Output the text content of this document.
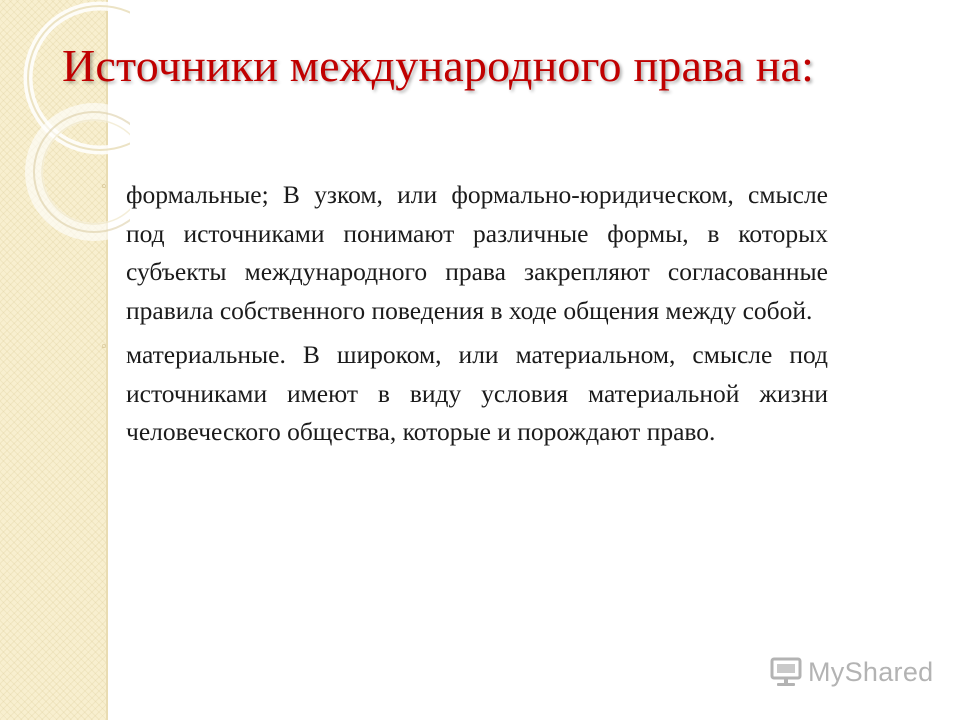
Источники международного права на:
◦ формальные; В узком, или формально-юридическом, смысле под источниками понимают различные формы, в которых субъекты международного права закрепляют согласованные правила собственного поведения в ходе общения между собой.
◦ материальные. В широком, или материальном, смысле под источниками имеют в виду условия материальной жизни человеческого общества, которые и порождают право.
MyShared
